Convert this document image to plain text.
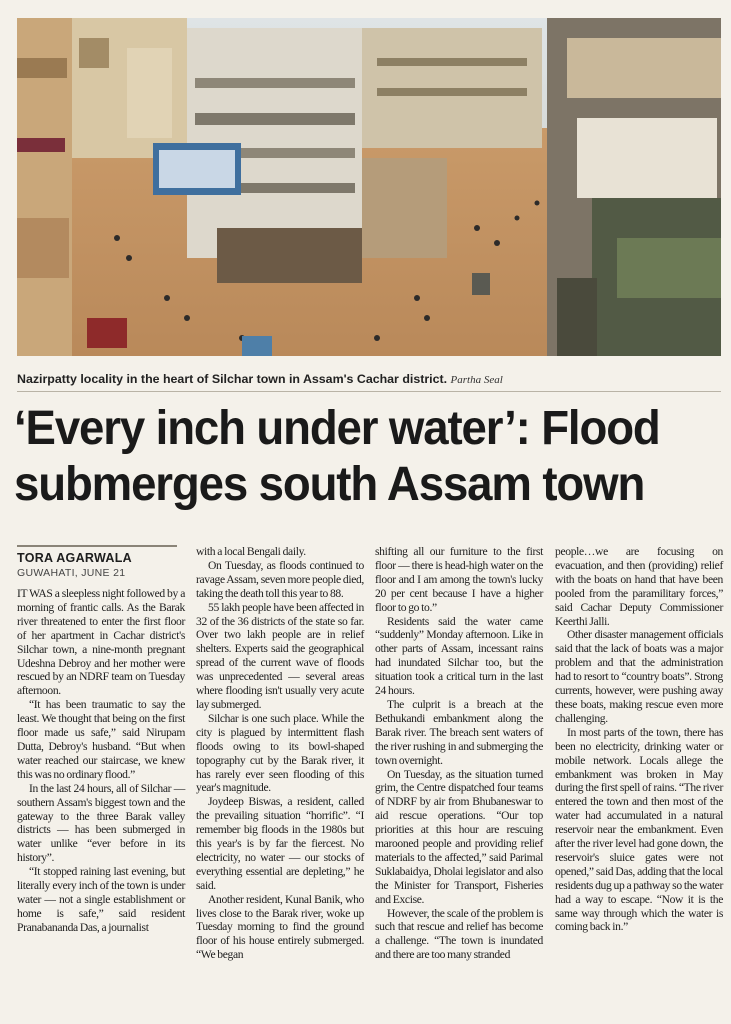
Nazirpatty locality in the heart of Silchar town in Assam's Cachar district. Partha Seal
‘Every inch under water’: Flood
submerges south Assam town
TORA AGARWALA
GUWAHATI, JUNE 21

IT WAS a sleepless night followed by a morning of frantic calls. As the Barak river threatened to enter the first floor of her apartment in Cachar district's Silchar town, a nine-month pregnant Udeshna Debroy and her mother were rescued by an NDRF team on Tuesday afternoon.

“It has been traumatic to say the least. We thought that being on the first floor made us safe,” said Nirupam Dutta, Debroy's husband. “But when water reached our staircase, we knew this was no ordinary flood.”

In the last 24 hours, all of Silchar — southern Assam's biggest town and the gateway to the three Barak valley districts — has been submerged in water unlike “ever before in its history”.

“It stopped raining last evening, but literally every inch of the town is under water — not a single establishment or home is safe,” said resident Pranabananda Das, a journalist

with a local Bengali daily.

On Tuesday, as floods continued to ravage Assam, seven more people died, taking the death toll this year to 88.

55 lakh people have been affected in 32 of the 36 districts of the state so far. Over two lakh people are in relief shelters. Experts said the geographical spread of the current wave of floods was unprecedented — several areas where flooding isn't usually very acute lay submerged.

Silchar is one such place. While the city is plagued by intermittent flash floods owing to its bowl-shaped topography cut by the Barak river, it has rarely ever seen flooding of this year's magnitude.

Joydeep Biswas, a resident, called the prevailing situation “horrific”. “I remember big floods in the 1980s but this year's is by far the fiercest. No electricity, no water — our stocks of everything essential are depleting,” he said.

Another resident, Kunal Banik, who lives close to the Barak river, woke up Tuesday morning to find the ground floor of his house entirely submerged. “We began

shifting all our furniture to the first floor — there is head-high water on the floor and I am among the town's lucky 20 per cent because I have a higher floor to go to.”

Residents said the water came “suddenly” Monday afternoon. Like in other parts of Assam, incessant rains had inundated Silchar too, but the situation took a critical turn in the last 24 hours.

The culprit is a breach at the Bethukandi embankment along the Barak river. The breach sent waters of the river rushing in and submerging the town overnight.

On Tuesday, as the situation turned grim, the Centre dispatched four teams of NDRF by air from Bhubaneswar to aid rescue operations. “Our top priorities at this hour are rescuing marooned people and providing relief materials to the affected,” said Parimal Suklabaidya, Dholai legislator and also the Minister for Transport, Fisheries and Excise.

However, the scale of the problem is such that rescue and relief has become a challenge. “The town is inundated and there are too many stranded

people…we are focusing on evacuation, and then (providing) relief with the boats on hand that have been pooled from the paramilitary forces,” said Cachar Deputy Commissioner Keerthi Jalli.

Other disaster management officials said that the lack of boats was a major problem and that the administration had to resort to “country boats”. Strong currents, however, were pushing away these boats, making rescue even more challenging.

In most parts of the town, there has been no electricity, drinking water or mobile network. Locals allege the embankment was broken in May during the first spell of rains. “The river entered the town and then most of the water had accumulated in a natural reservoir near the embankment. Even after the river level had gone down, the reservoir's sluice gates were not opened,” said Das, adding that the local residents dug up a pathway so the water had a way to escape. “Now it is the same way through which the water is coming back in.”
